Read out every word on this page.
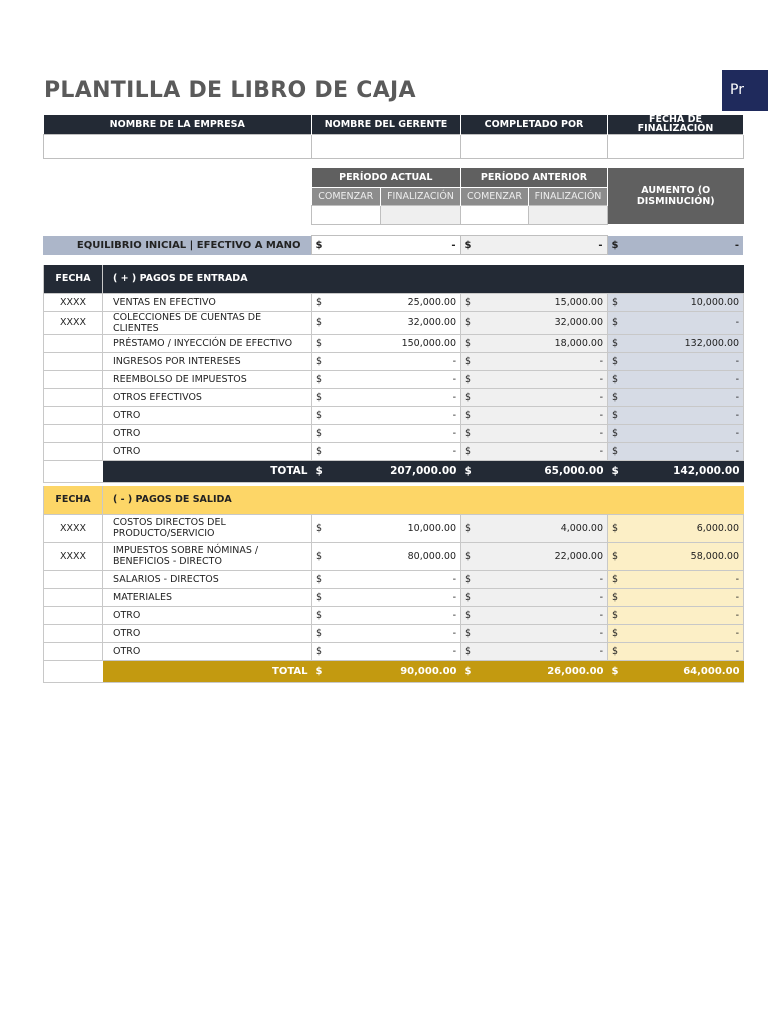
PLANTILLA DE LIBRO DE CAJA	Pr
NOMBRE DE LA EMPRESA	NOMBRE DEL GERENTE	COMPLETADO POR	FECHA DE FINALIZACIÓN

PERÍODO ACTUAL		PERÍODO ANTERIOR		AUMENTO (O DISMINUCIÓN)
COMENZAR	FINALIZACIÓN	COMENZAR	FINALIZACIÓN	

EQUILIBRIO INICIAL | EFECTIVO A MANO	$	-	$	-	$	-
FECHA	( + ) PAGOS DE ENTRADA			
XXXX	VENTAS EN EFECTIVO	$ 25,000.00	$ 15,000.00	$ 10,000.00

XXXX	COLECCIONES DE CUENTAS DE CLIENTES	$ 32,000.00	$ 32,000.00	$ -

	PRÉSTAMO / INYECCIÓN DE EFECTIVO	$ 150,000.00	$ 18,000.00	$ 132,000.00

	INGRESOS POR INTERESES	$ -	$ -	$ -

	REEMBOLSO DE IMPUESTOS	$ -	$ -	$ -

	OTROS EFECTIVOS	$ -	$ -	$ -

	OTRO	$ -	$ -	$ -

	OTRO	$ -	$ -	$ -

	OTRO	$ -	$ -	$ -

	TOTAL	$ 207,000.00	$ 65,000.00	$ 142,000.00
FECHA	( - ) PAGOS DE SALIDA			
XXXX	COSTOS DIRECTOS DEL PRODUCTO/SERVICIO	$ 10,000.00	$ 4,000.00	$ 6,000.00

XXXX	IMPUESTOS SOBRE NÓMINAS / BENEFICIOS - DIRECTO	$ 80,000.00	$ 22,000.00	$ 58,000.00

	SALARIOS - DIRECTOS	$ -	$ -	$ -

	MATERIALES	$ -	$ -	$ -

	OTRO	$ -	$ -	$ -

	OTRO	$ -	$ -	$ -

	OTRO	$ -	$ -	$ -

	TOTAL	$ 90,000.00	$ 26,000.00	$ 64,000.00
